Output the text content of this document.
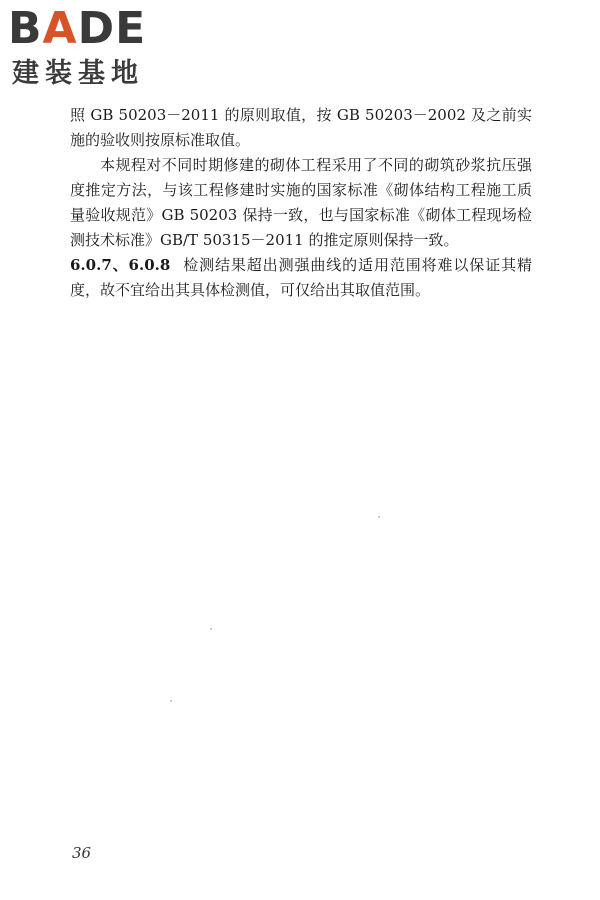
BADE
建装基地

照 GB 50203－2011 的原则取值，按 GB 50203－2002 及之前实施的验收则按原标准取值。

本规程对不同时期修建的砌体工程采用了不同的砌筑砂浆抗压强度推定方法，与该工程修建时实施的国家标准《砌体结构工程施工质量验收规范》GB 50203 保持一致，也与国家标准《砌体工程现场检测技术标准》GB/T 50315－2011 的推定原则保持一致。

6.0.7、6.0.8 检测结果超出测强曲线的适用范围将难以保证其精度，故不宜给出其具体检测值，可仅给出其取值范围。

36
